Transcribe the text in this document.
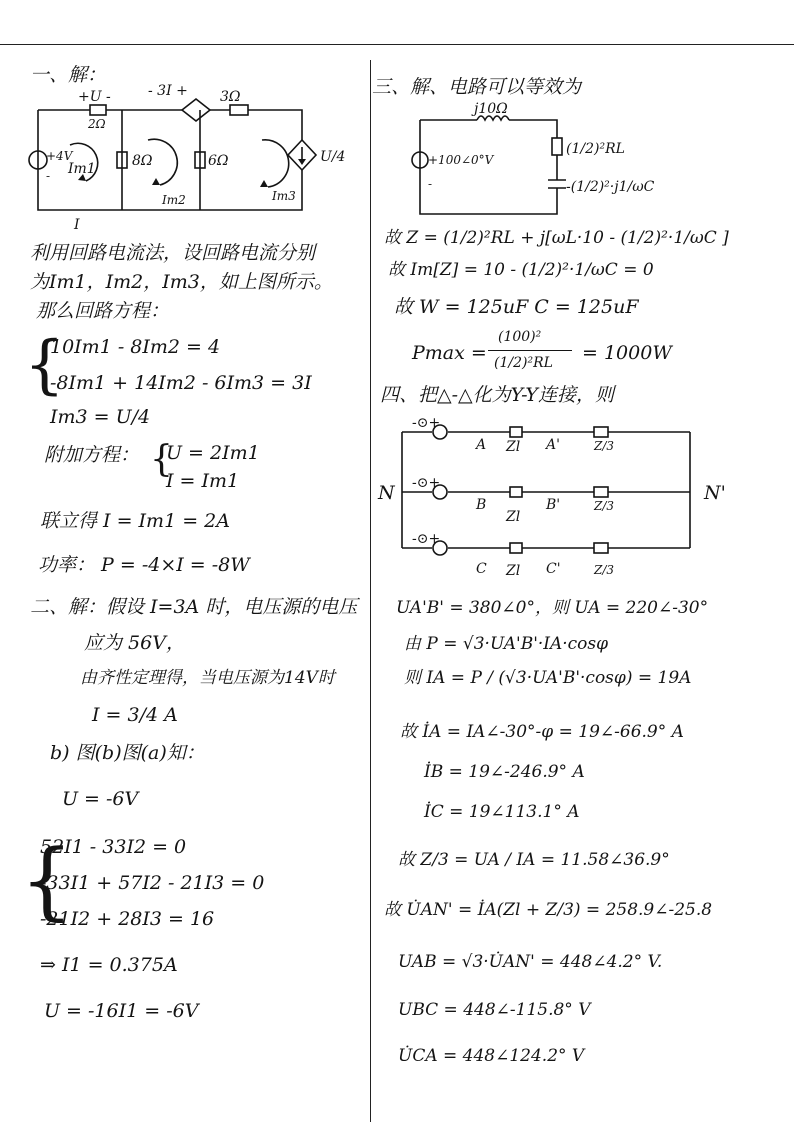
一、解：
+U -
2Ω
- 3I + 3Ω
+4V
- Im1	8Ω	6Ω
Im2	Im3
U/4
I
利用回路电流法，设回路电流分别
为Im1，Im2，Im3，如上图所示。
那么回路方程：
{
10Im1 - 8Im2 = 4
-8Im1 + 14Im2 - 6Im3 = 3I
Im3 = U/4
附加方程： {
U = 2Im1
I = Im1
联立得 I = Im1 = 2A
功率： P = -4×I = -8W
二、解：假设 I=3A 时，电压源的电压
应为 56V，
由齐性定理得，当电压源为14V时
I = 3/4 A
b) 图(b)图(a)知：
U = -6V
{
52I1 - 33I2 = 0
-33I1 + 57I2 - 21I3 = 0
-21I2 + 28I3 = 16
⇒ I1 = 0.375A
U = -16I1 = -6V
三、解、电路可以等效为
j10Ω
+100∠0°V
-
(1/2)²RL
-(1/2)²·j1/ωC
故 Z = (1/2)²RL + j[ωL·10 - (1/2)²·1/ωC ]
故 Im[Z] = 10 - (1/2)²·1/ωC = 0
故 W = 125uF C = 125uF
Pmax =
(100)²
(1/2)²RL = 1000W
四、把△-△化为Y-Y连接，则
N	N'
-⊙+
-⊙+
-⊙+
A Zl A'	Z/3
B
Zl
B'	Z/3
C Zl C'	Z/3
UA'B' = 380∠0°，则 UA = 220∠-30°
由 P = √3·UA'B'·IA·cosφ
则 IA = P / (√3·UA'B'·cosφ) = 19A
故 İA = IA∠-30°-φ = 19∠-66.9° A
İB = 19∠-246.9° A
İC = 19∠113.1° A
故 Z/3 = UA / IA = 11.58∠36.9°
故 U̇AN' = İA(Zl + Z/3) = 258.9∠-25.8
UAB = √3·U̇AN' = 448∠4.2° V.
UBC = 448∠-115.8° V
U̇CA = 448∠124.2° V
